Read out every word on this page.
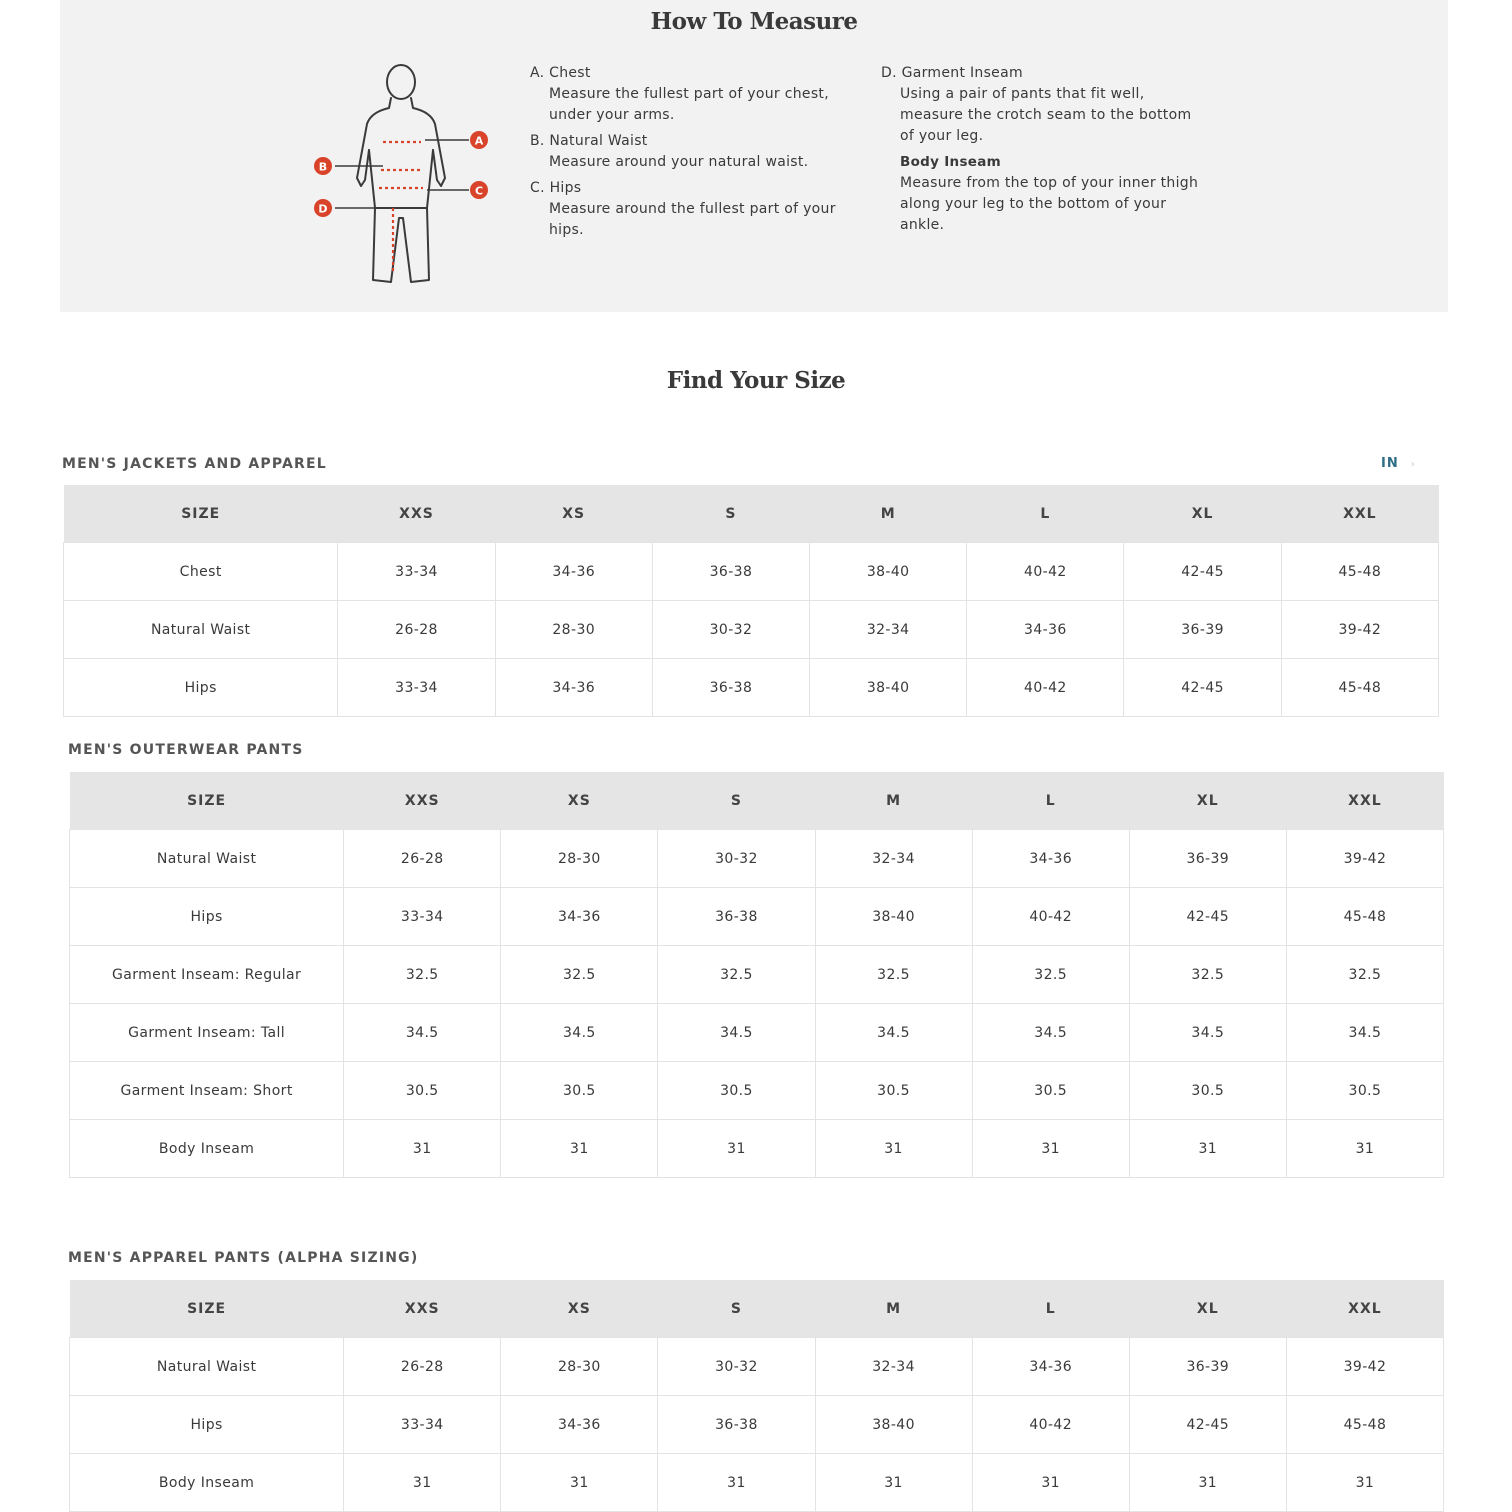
How To Measure
A
B
C
D
A. Chest
Measure the fullest part of your chest, under your arms.
B. Natural Waist
Measure around your natural waist.
C. Hips
Measure around the fullest part of your hips.
D. Garment Inseam
Using a pair of pants that fit well, measure the crotch seam to the bottom of your leg.
Body Inseam
Measure from the top of your inner thigh along your leg to the bottom of your ankle.
Find Your Size
MEN'S JACKETS AND APPAREL	IN ›
SIZE	XXS	XS	S	M	L	XL	XXL
Chest	33-34	34-36	36-38	38-40	40-42	42-45	45-48
Natural Waist	26-28	28-30	30-32	32-34	34-36	36-39	39-42
Hips	33-34	34-36	36-38	38-40	40-42	42-45	45-48
MEN'S OUTERWEAR PANTS
SIZE	XXS	XS	S	M	L	XL	XXL
Natural Waist	26-28	28-30	30-32	32-34	34-36	36-39	39-42
Hips	33-34	34-36	36-38	38-40	40-42	42-45	45-48
Garment Inseam: Regular	32.5	32.5	32.5	32.5	32.5	32.5	32.5
Garment Inseam: Tall	34.5	34.5	34.5	34.5	34.5	34.5	34.5
Garment Inseam: Short	30.5	30.5	30.5	30.5	30.5	30.5	30.5
Body Inseam	31	31	31	31	31	31	31
MEN'S APPAREL PANTS (ALPHA SIZING)
SIZE	XXS	XS	S	M	L	XL	XXL
Natural Waist	26-28	28-30	30-32	32-34	34-36	36-39	39-42
Hips	33-34	34-36	36-38	38-40	40-42	42-45	45-48
Body Inseam	31	31	31	31	31	31	31
